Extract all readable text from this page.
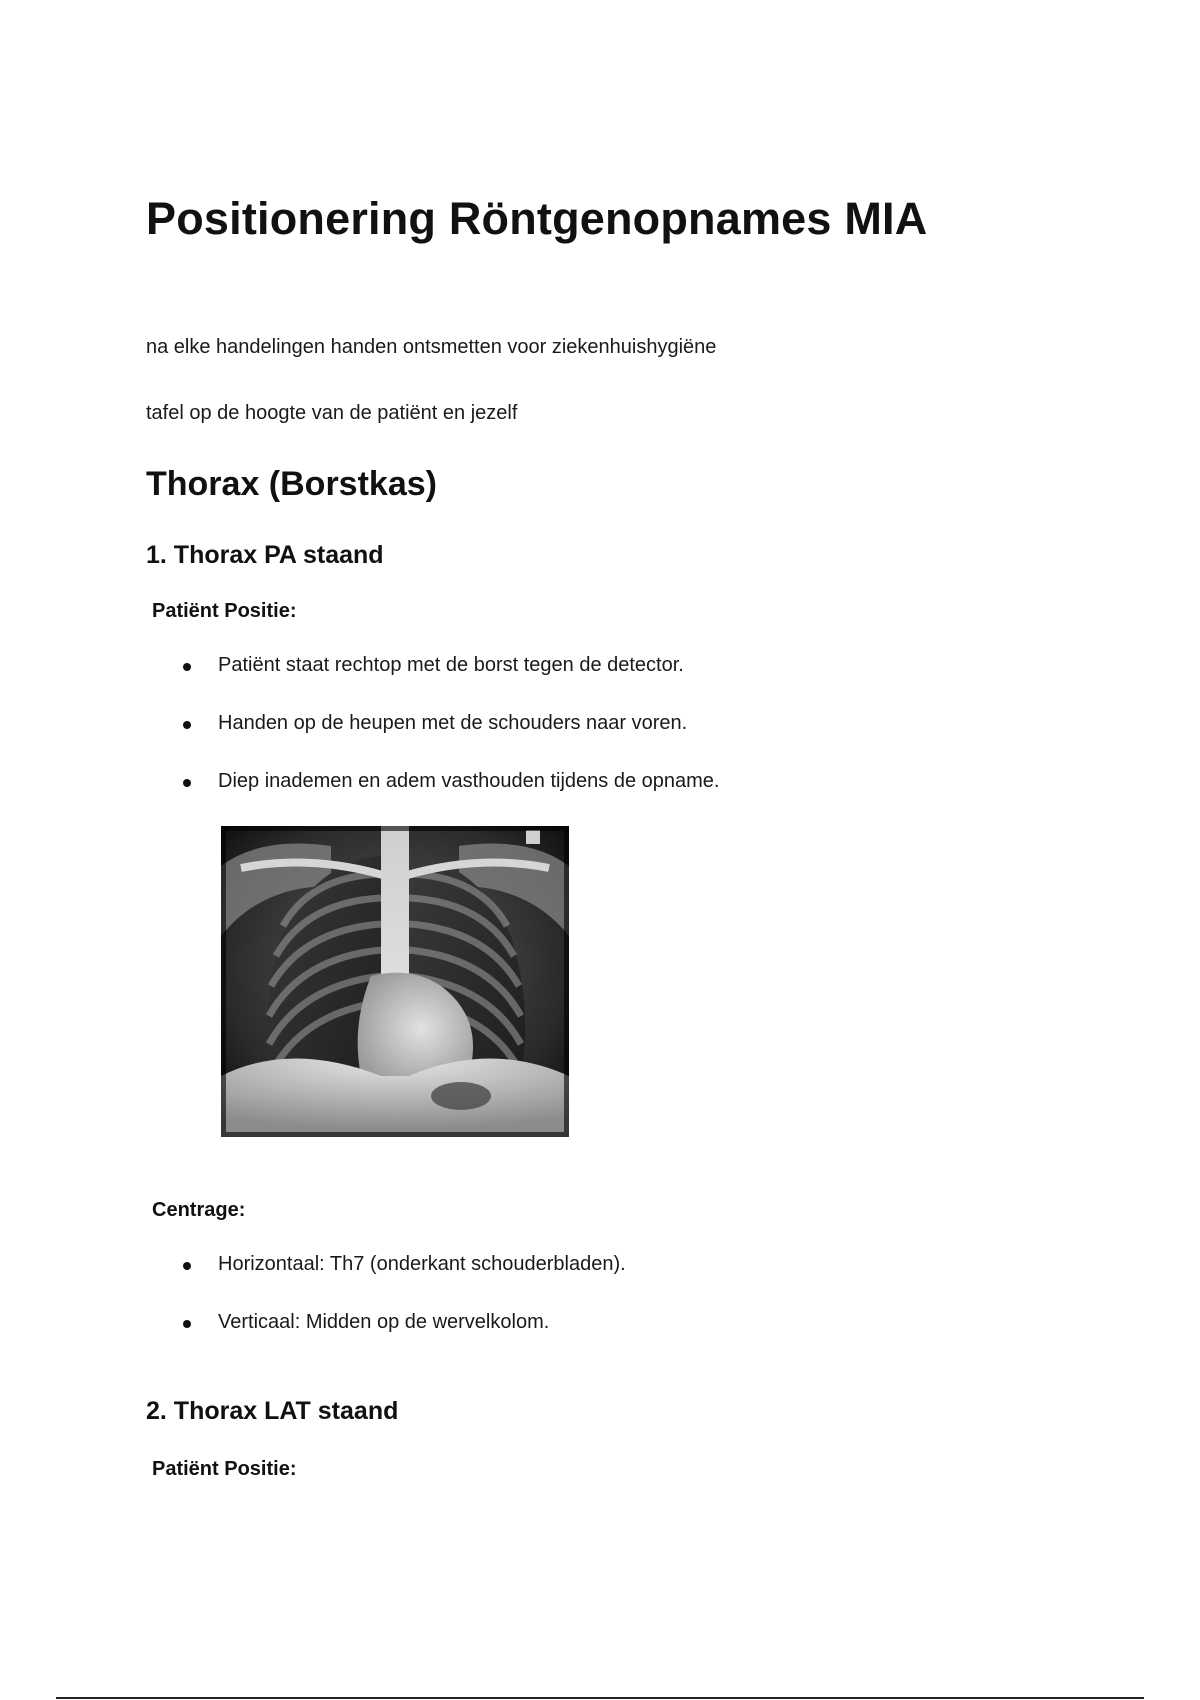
Positionering Röntgenopnames MIA

na elke handelingen handen ontsmetten voor ziekenhuishygiëne

tafel op de hoogte van de patiënt en jezelf

Thorax (Borstkas)
1. Thorax PA staand

Patiënt Positie:

Patiënt staat rechtop met de borst tegen de detector.
Handen op de heupen met de schouders naar voren.
Diep inademen en adem vasthouden tijdens de opname.

Centrage:

Horizontaal: Th7 (onderkant schouderbladen).
Verticaal: Midden op de wervelkolom.
2. Thorax LAT staand

Patiënt Positie:
